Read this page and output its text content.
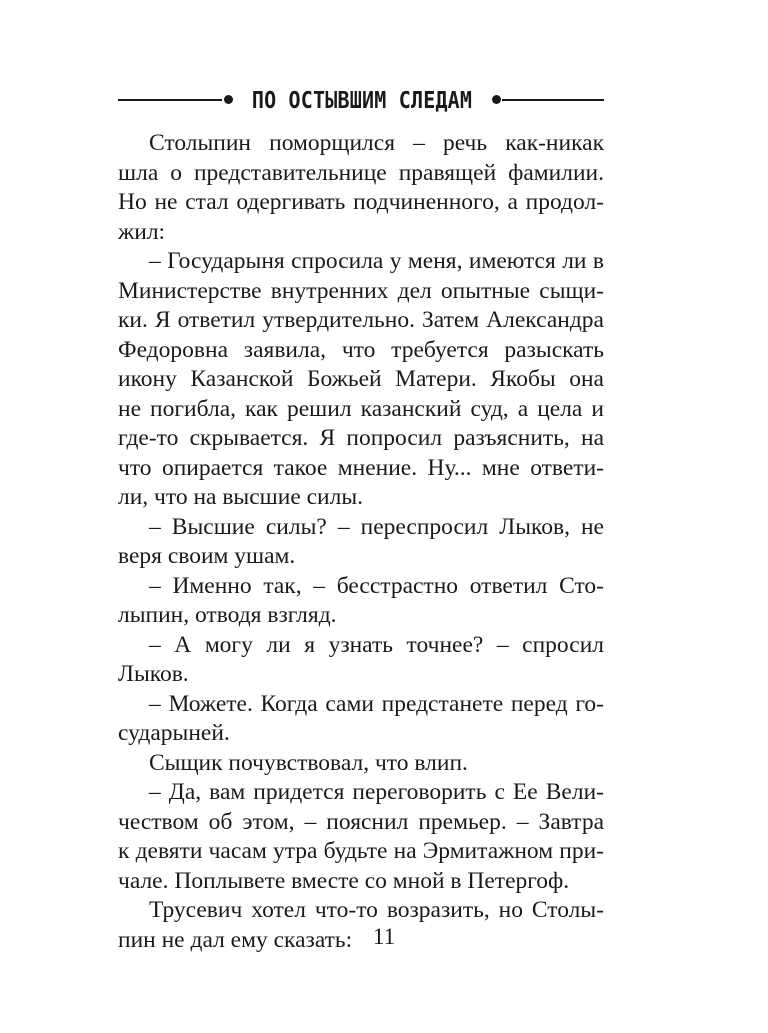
ПО ОСТЫВШИМ СЛЕДАМ
Столыпин поморщился – речь как-никак
шла о представительнице правящей фамилии.
Но не стал одергивать подчиненного, а продол-
жил:
– Государыня спросила у меня, имеются ли в
Министерстве внутренних дел опытные сыщи-
ки. Я ответил утвердительно. Затем Александра
Федоровна заявила, что требуется разыскать
икону Казанской Божьей Матери. Якобы она
не погибла, как решил казанский суд, а цела и
где-то скрывается. Я попросил разъяснить, на
что опирается такое мнение. Ну... мне ответи-
ли, что на высшие силы.
– Высшие силы? – переспросил Лыков, не
веря своим ушам.
– Именно так, – бесстрастно ответил Сто-
лыпин, отводя взгляд.
– А могу ли я узнать точнее? – спросил
Лыков.
– Можете. Когда сами предстанете перед го-
сударыней.
Сыщик почувствовал, что влип.
– Да, вам придется переговорить с Ее Вели-
чеством об этом, – пояснил премьер. – Завтра
к девяти часам утра будьте на Эрмитажном при-
чале. Поплывете вместе со мной в Петергоф.
Трусевич хотел что-то возразить, но Столы-
пин не дал ему сказать: 11
